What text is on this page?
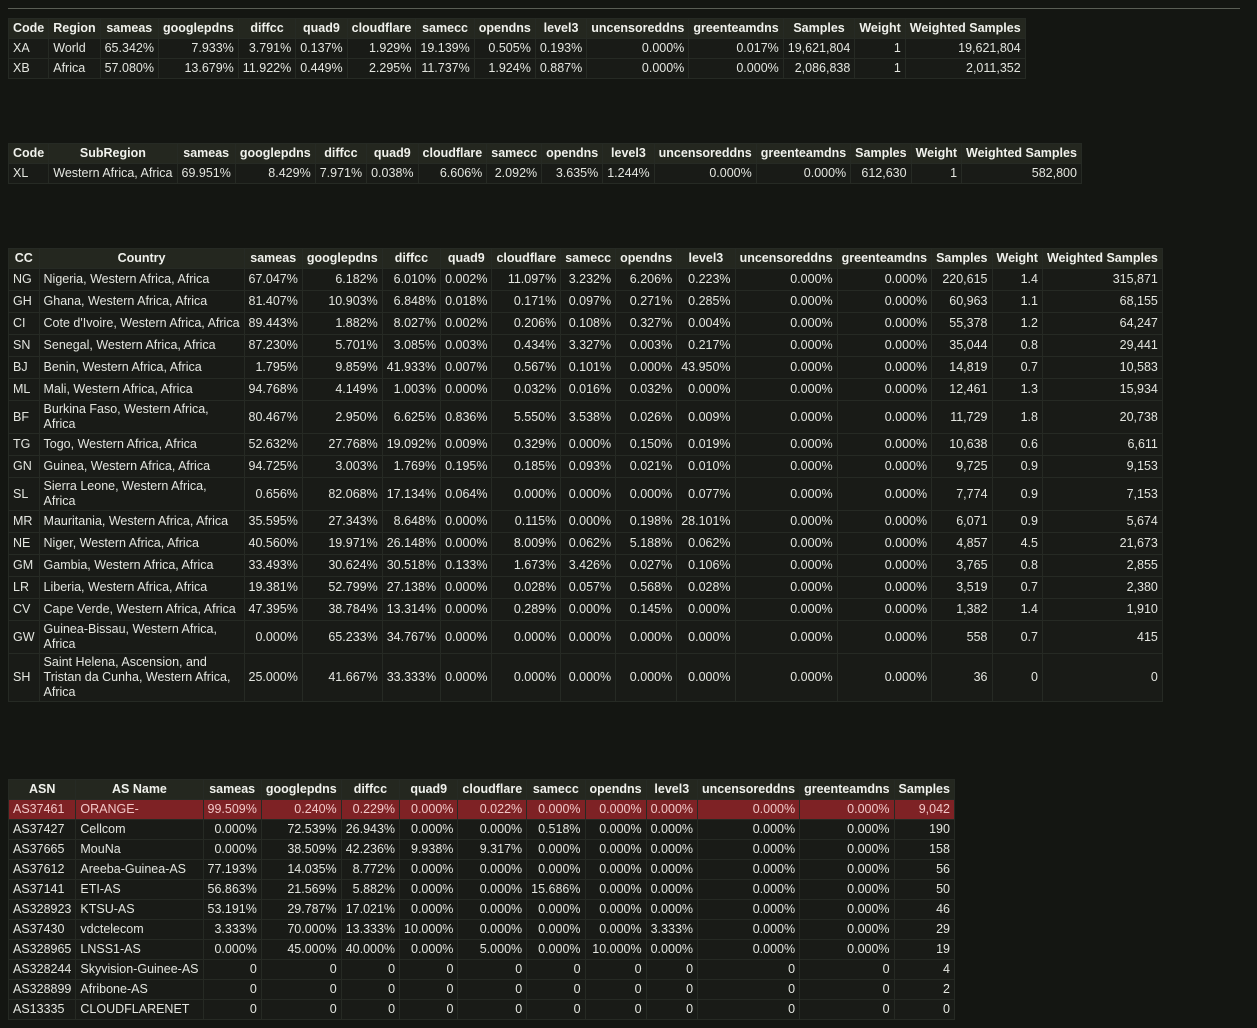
Code	Region	sameas	googlepdns	diffcc	quad9	cloudflare	samecc	opendns	level3	uncensoreddns	greenteamdns	Samples	Weight	Weighted Samples
XA	World	65.342%	7.933%	3.791%	0.137%	1.929%	19.139%	0.505%	0.193%	0.000%	0.017%	19,621,804	1	19,621,804
XB	Africa	57.080%	13.679%	11.922%	0.449%	2.295%	11.737%	1.924%	0.887%	0.000%	0.000%	2,086,838	1	2,011,352
Code	SubRegion	sameas	googlepdns	diffcc	quad9	cloudflare	samecc	opendns	level3	uncensoreddns	greenteamdns	Samples	Weight	Weighted Samples
XL	Western Africa, Africa	69.951%	8.429%	7.971%	0.038%	6.606%	2.092%	3.635%	1.244%	0.000%	0.000%	612,630	1	582,800
CC	Country	sameas	googlepdns	diffcc	quad9	cloudflare	samecc	opendns	level3	uncensoreddns	greenteamdns	Samples	Weight	Weighted Samples
NG	Nigeria, Western Africa, Africa	67.047%	6.182%	6.010%	0.002%	11.097%	3.232%	6.206%	0.223%	0.000%	0.000%	220,615	1.4	315,871
GH	Ghana, Western Africa, Africa	81.407%	10.903%	6.848%	0.018%	0.171%	0.097%	0.271%	0.285%	0.000%	0.000%	60,963	1.1	68,155
CI	Cote d'Ivoire, Western Africa, Africa	89.443%	1.882%	8.027%	0.002%	0.206%	0.108%	0.327%	0.004%	0.000%	0.000%	55,378	1.2	64,247
SN	Senegal, Western Africa, Africa	87.230%	5.701%	3.085%	0.003%	0.434%	3.327%	0.003%	0.217%	0.000%	0.000%	35,044	0.8	29,441
BJ	Benin, Western Africa, Africa	1.795%	9.859%	41.933%	0.007%	0.567%	0.101%	0.000%	43.950%	0.000%	0.000%	14,819	0.7	10,583
ML	Mali, Western Africa, Africa	94.768%	4.149%	1.003%	0.000%	0.032%	0.016%	0.032%	0.000%	0.000%	0.000%	12,461	1.3	15,934
BF	Burkina Faso, Western Africa, Africa	80.467%	2.950%	6.625%	0.836%	5.550%	3.538%	0.026%	0.009%	0.000%	0.000%	11,729	1.8	20,738
TG	Togo, Western Africa, Africa	52.632%	27.768%	19.092%	0.009%	0.329%	0.000%	0.150%	0.019%	0.000%	0.000%	10,638	0.6	6,611
GN	Guinea, Western Africa, Africa	94.725%	3.003%	1.769%	0.195%	0.185%	0.093%	0.021%	0.010%	0.000%	0.000%	9,725	0.9	9,153
SL	Sierra Leone, Western Africa, Africa	0.656%	82.068%	17.134%	0.064%	0.000%	0.000%	0.000%	0.077%	0.000%	0.000%	7,774	0.9	7,153
MR	Mauritania, Western Africa, Africa	35.595%	27.343%	8.648%	0.000%	0.115%	0.000%	0.198%	28.101%	0.000%	0.000%	6,071	0.9	5,674
NE	Niger, Western Africa, Africa	40.560%	19.971%	26.148%	0.000%	8.009%	0.062%	5.188%	0.062%	0.000%	0.000%	4,857	4.5	21,673
GM	Gambia, Western Africa, Africa	33.493%	30.624%	30.518%	0.133%	1.673%	3.426%	0.027%	0.106%	0.000%	0.000%	3,765	0.8	2,855
LR	Liberia, Western Africa, Africa	19.381%	52.799%	27.138%	0.000%	0.028%	0.057%	0.568%	0.028%	0.000%	0.000%	3,519	0.7	2,380
CV	Cape Verde, Western Africa, Africa	47.395%	38.784%	13.314%	0.000%	0.289%	0.000%	0.145%	0.000%	0.000%	0.000%	1,382	1.4	1,910
GW	Guinea-Bissau, Western Africa, Africa	0.000%	65.233%	34.767%	0.000%	0.000%	0.000%	0.000%	0.000%	0.000%	0.000%	558	0.7	415
SH	Saint Helena, Ascension, and Tristan da Cunha, Western Africa, Africa	25.000%	41.667%	33.333%	0.000%	0.000%	0.000%	0.000%	0.000%	0.000%	0.000%	36	0	0
ASN	AS Name	sameas	googlepdns	diffcc	quad9	cloudflare	samecc	opendns	level3	uncensoreddns	greenteamdns	Samples
AS37461	ORANGE-	99.509%	0.240%	0.229%	0.000%	0.022%	0.000%	0.000%	0.000%	0.000%	0.000%	9,042
AS37427	Cellcom	0.000%	72.539%	26.943%	0.000%	0.000%	0.518%	0.000%	0.000%	0.000%	0.000%	190
AS37665	MouNa	0.000%	38.509%	42.236%	9.938%	9.317%	0.000%	0.000%	0.000%	0.000%	0.000%	158
AS37612	Areeba-Guinea-AS	77.193%	14.035%	8.772%	0.000%	0.000%	0.000%	0.000%	0.000%	0.000%	0.000%	56
AS37141	ETI-AS	56.863%	21.569%	5.882%	0.000%	0.000%	15.686%	0.000%	0.000%	0.000%	0.000%	50
AS328923	KTSU-AS	53.191%	29.787%	17.021%	0.000%	0.000%	0.000%	0.000%	0.000%	0.000%	0.000%	46
AS37430	vdctelecom	3.333%	70.000%	13.333%	10.000%	0.000%	0.000%	0.000%	3.333%	0.000%	0.000%	29
AS328965	LNSS1-AS	0.000%	45.000%	40.000%	0.000%	5.000%	0.000%	10.000%	0.000%	0.000%	0.000%	19
AS328244	Skyvision-Guinee-AS	0	0	0	0	0	0	0	0	0	0	4
AS328899	Afribone-AS	0	0	0	0	0	0	0	0	0	0	2
AS13335	CLOUDFLARENET	0	0	0	0	0	0	0	0	0	0	0
